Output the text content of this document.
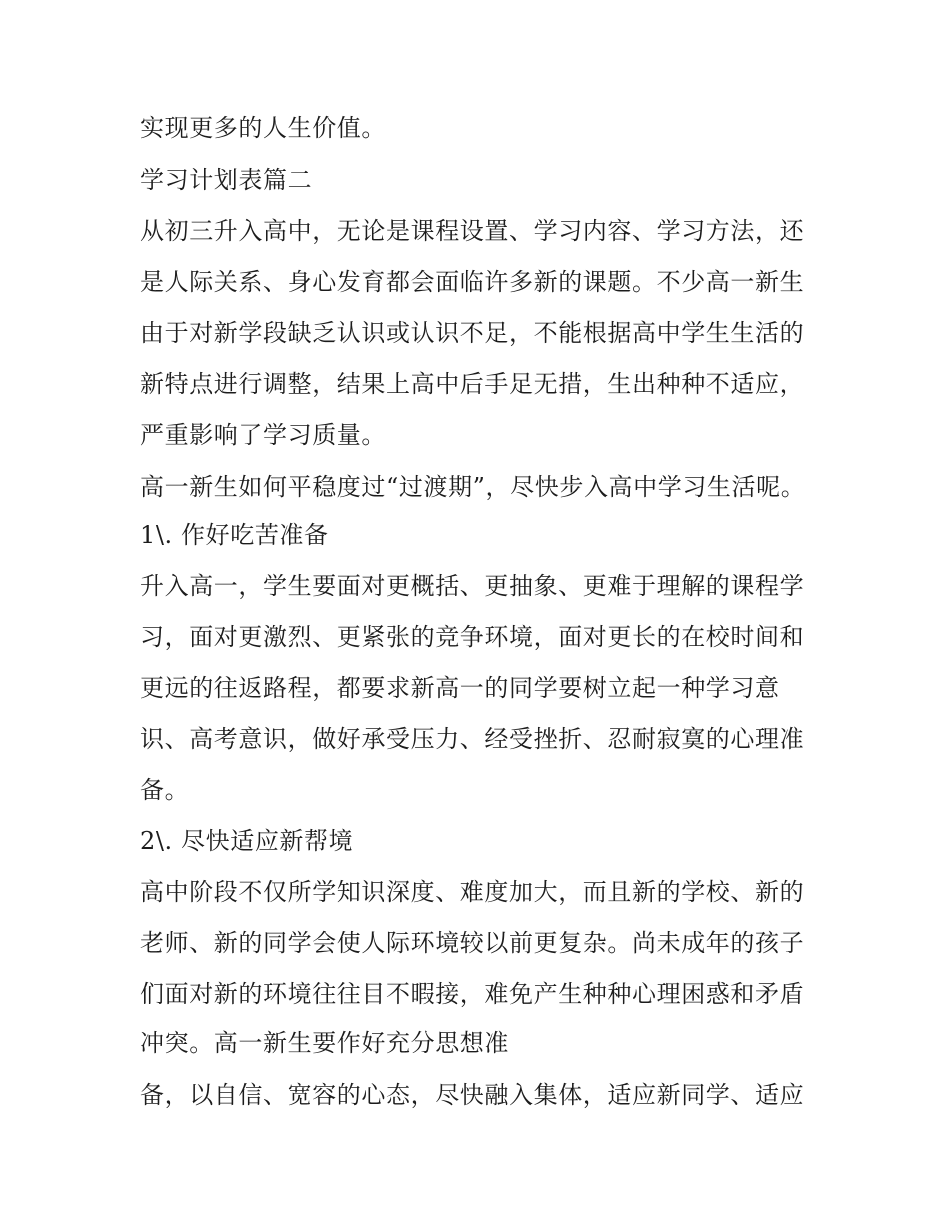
实现更多的人生价值。
学习计划表篇二
从初三升入高中，无论是课程设置、学习内容、学习方法，还
是人际关系、身心发育都会面临许多新的课题。不少高一新生
由于对新学段缺乏认识或认识不足，不能根据高中学生生活的
新特点进行调整，结果上高中后手足无措，生出种种不适应，
严重影响了学习质量。
高一新生如何平稳度过“过渡期”，尽快步入高中学习生活呢。
1\. 作好吃苦准备
升入高一，学生要面对更概括、更抽象、更难于理解的课程学
习，面对更激烈、更紧张的竞争环境，面对更长的在校时间和
更远的往返路程，都要求新高一的同学要树立起一种学习意
识、高考意识，做好承受压力、经受挫折、忍耐寂寞的心理准
备。
2\. 尽快适应新帮境
高中阶段不仅所学知识深度、难度加大，而且新的学校、新的
老师、新的同学会使人际环境较以前更复杂。尚未成年的孩子
们面对新的环境往往目不暇接，难免产生种种心理困惑和矛盾
冲突。高一新生要作好充分思想准
备，以自信、宽容的心态，尽快融入集体，适应新同学、适应
